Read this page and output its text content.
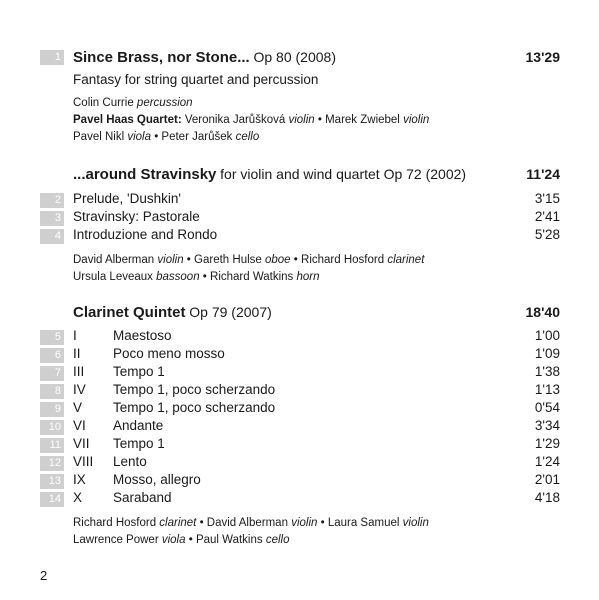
1 Since Brass, nor Stone... Op 80 (2008)	13'29
Fantasy for string quartet and percussion
Colin Currie percussion
Pavel Haas Quartet: Veronika Jarůšková violin • Marek Zwiebel violin
Pavel Nikl viola • Peter Jarůšek cello
...around Stravinsky for violin and wind quartet Op 72 (2002)	11'24
2 Prelude, 'Dushkin'	3'15
3 Stravinsky: Pastorale	2'41
4 Introduzione and Rondo	5'28
David Alberman violin • Gareth Hulse oboe • Richard Hosford clarinet
Ursula Leveaux bassoon • Richard Watkins horn
Clarinet Quintet Op 79 (2007)	18'40
5 I	Maestoso	1'00
6 II Poco meno mosso	1'09
7 III Tempo 1	1'38
8 IV Tempo 1, poco scherzando	1'13
9 V Tempo 1, poco scherzando	0'54
10 VI Andante	3'34
11 VII Tempo 1	1'29
12 VIII Lento	1'24
13 IX Mosso, allegro	2'01
14 X Saraband	4'18
Richard Hosford clarinet • David Alberman violin • Laura Samuel violin
Lawrence Power viola • Paul Watkins cello
2
